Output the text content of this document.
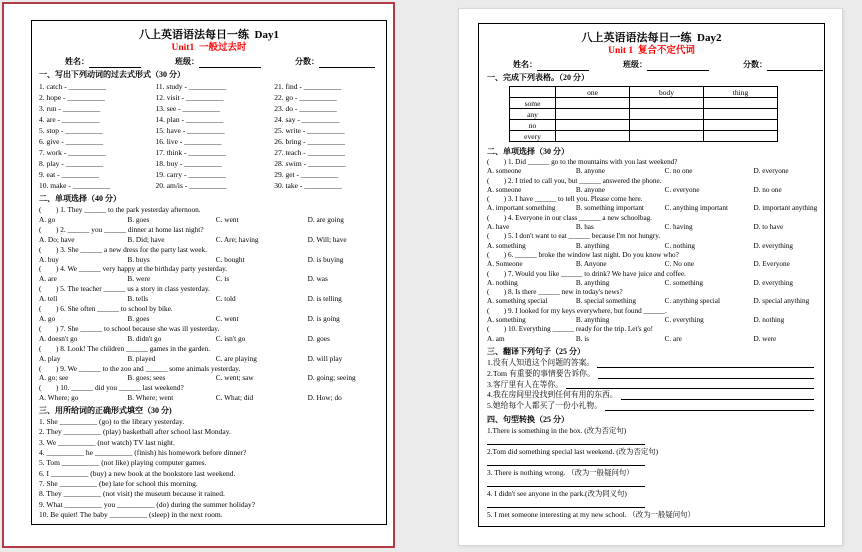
八上英语语法每日一练 Day1
Unit1 一般过去时
姓名：	班级：	分数：
一、写出下列动词的过去式形式（30 分）
1. catch - __________
2. hope - __________
3. run - __________
4. are - __________
5. stop - __________
6. give - __________
7. work - __________
8. play - __________
9. eat - __________
10. make - __________
11. study - __________
12. visit - __________
13. see - __________
14. plan - __________
15. have - __________
16. live - __________
17. think - __________
18. buy - __________
19. carry - __________
20. am/is - __________
21. find - __________
22. go - __________
23. do - __________
24. say - __________
25. write - __________
26. bring - __________
27. teach - __________
28. swim - __________
29. get - __________
30. take - __________
二、单项选择（40 分）
(　　) 1. They ______ to the park yesterday afternoon.
A. go	B. goes	C. went	D. are going
(　　) 2. ______ you ______ dinner at home last night?
A. Do; have	B. Did; have	C. Are; having	D. Will; have
(　　) 3. She ______ a new dress for the party last week.
A. buy	B. buys	C. bought	D. is buying
(　　) 4. We ______ very happy at the birthday party yesterday.
A. are	B. were	C. is	D. was
(　　) 5. The teacher ______ us a story in class yesterday.
A. tell	B. tells	C. told	D. is telling
(　　) 6. She often ______ to school by bike.
A. go	B. goes	C. went	D. is going
(　　) 7. She ______ to school because she was ill yesterday.
A. doesn't go	B. didn't go	C. isn't go	D. goes
(　　) 8. Look! The children ______ games in the garden.
A. play	B. played	C. are playing	D. will play
(　　) 9. We ______ to the zoo and ______ some animals yesterday.
A. go; see	B. goes; sees	C. went; saw	D. going; seeing
(　　) 10. ______ did you ______ last weekend?
A. Where; go	B. Where; went	C. What; did	D. How; do
三、用所给词的正确形式填空（30 分)
1. She __________ (go) to the library yesterday.
2. They __________ (play) basketball after school last Monday.
3. We __________ (not watch) TV last night.
4. __________ he __________ (finish) his homework before dinner?
5. Tom __________ (not like) playing computer games.
6. I __________ (buy) a new book at the bookstore last weekend.
7. She __________ (be) late for school this morning.
8. They __________ (not visit) the museum because it rained.
9. What __________ you __________ (do) during the summer holiday?
10. Be quiet! The baby __________ (sleep) in the next room.
八上英语语法每日一练 Day2
Unit 1 复合不定代词
姓名：	班级：	分数：
一、完成下列表格。（20 分）
	one	body	thing
some			
any			
no			
every			
二、单项选择（30 分）
(　　) 1. Did ______ go to the mountains with you last weekend?
A. someone	B. anyone	C. no one	D. everyone
(　　) 2. I tried to call you, but ______ answered the phone.
A. someone	B. anyone	C. everyone	D. no one
(　　) 3. I have ______ to tell you. Please come here.
A. important something	B. something important	C. anything important	D. important anything
(　　) 4. Everyone in our class ______ a new schoolbag.
A. have	B. has	C. having	D. to have
(　　) 5. I don't want to eat ______ because I'm not hungry.
A. something	B. anything	C. nothing	D. everything
(　　) 6. ______ broke the window last night. Do you know who?
A. Someone	B. Anyone	C. No one	D. Everyone
(　　) 7. Would you like ______ to drink? We have juice and coffee.
A. nothing	B. anything	C. something	D. everything
(　　) 8. Is there ______ new in today's news?
A. something special	B. special something	C. anything special	D. special anything
(　　) 9. I looked for my keys everywhere, but found ______.
A. something	B. anything	C. everything	D. nothing
(　　) 10. Everything ______ ready for the trip. Let's go!
A. am	B. is	C. are	D. were
三、翻译下列句子（25 分）
1.没有人知道这个问题的答案。
2.Tom 有重要的事情要告诉你。
3.客厅里有人在等你。
4.我在房间里没找到任何有用的东西。
5.她给每个人都买了一份小礼物。
四、句型转换（25 分）
1.There is something in the box. (改为否定句)
2.Tom did something special last weekend. (改为否定句)
3. There is nothing wrong. （改为一般疑问句）
4. I didn't see anyone in the park.(改为同义句)
5. I met someone interesting at my new school. （改为一般疑问句）
